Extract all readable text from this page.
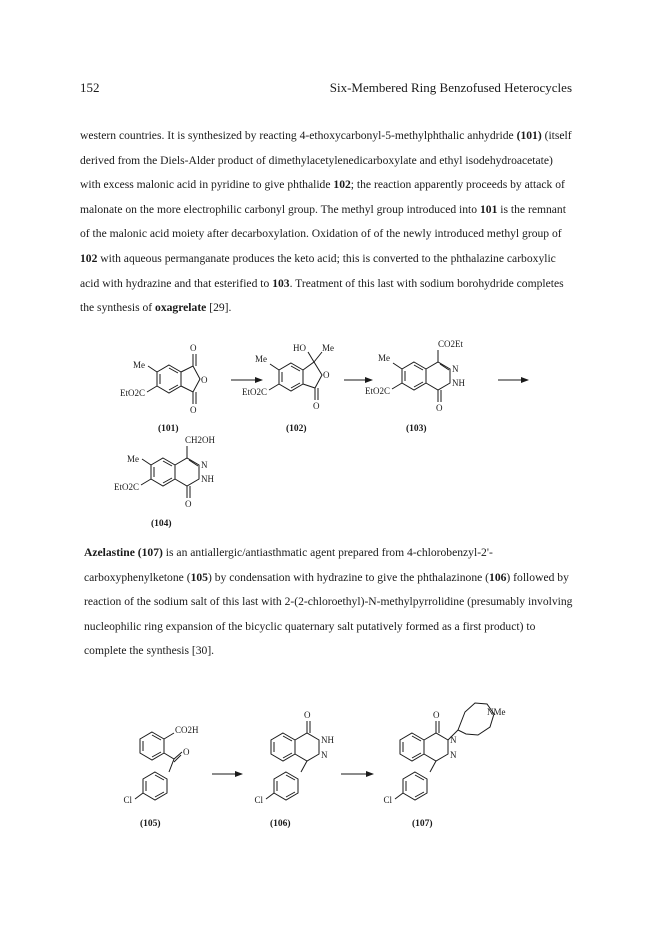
152	Six-Membered Ring Benzofused Heterocycles

western countries. It is synthesized by reacting 4-ethoxycarbonyl-5-methylphthalic anhydride (101) (itself derived from the Diels-Alder product of dimethylacetylenedicarboxylate and ethyl isodehydroacetate) with excess malonic acid in pyridine to give phthalide 102; the reaction apparently proceeds by attack of malonate on the more electrophilic carbonyl group. The methyl group introduced into 101 is the remnant of the malonic acid moiety after decarboxylation. Oxidation of of the newly introduced methyl group of 102 with aqueous permanganate produces the keto acid; this is converted to the phthalazine carboxylic acid with hydrazine and that esterified to 103. Treatment of this last with sodium borohydride completes the synthesis of oxagrelate [29].

Azelastine (107) is an antiallergic/antiasthmatic agent prepared from 4-chlorobenzyl-2'-carboxyphenylketone (105) by condensation with hydrazine to give the phthalazinone (106) followed by reaction of the sodium salt of this last with 2-(2-chloroethyl)-N-methylpyrrolidine (presumably involving nucleophilic ring expansion of the bicyclic quaternary salt putatively formed as a first product) to complete the synthesis [30].

Me
EtO2C
O
O
O
(101)
Me
EtO2C
HO Me
O
O
(102)
Me
EtO2C
CO2Et
N
NH
O
(103)
Me
EtO2C
CH2OH
N
NH
O
(104)
CO2H
O
Cl
(105)
O
NH
N
Cl
(106)
O
N
N
NMe
Cl
(107)
